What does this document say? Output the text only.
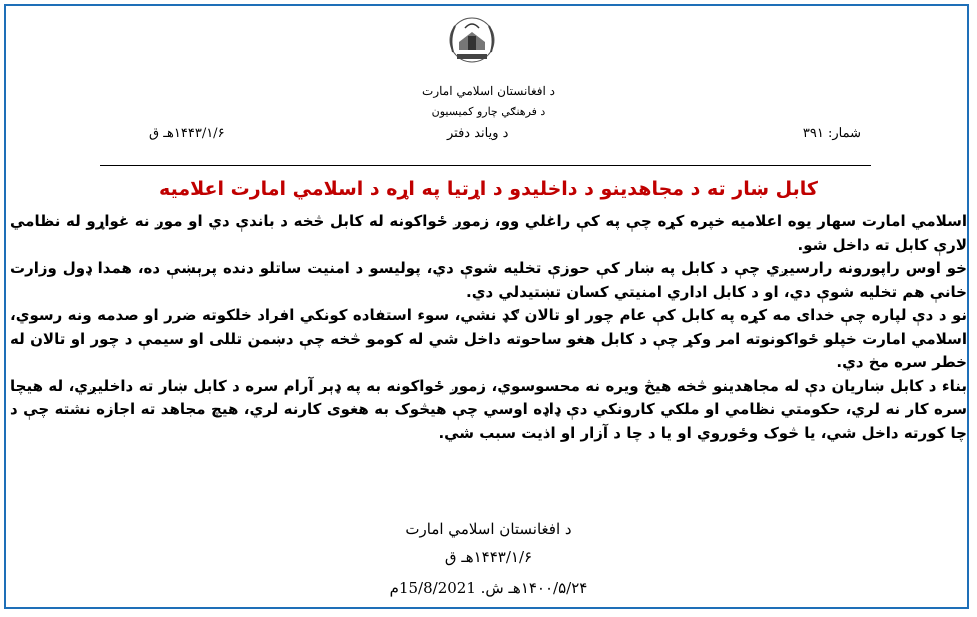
د افغانستان اسلامي امارت
د فرهنګي چارو کمیسیون
شمار: ۳۹۱
د ویاند دفتر
۱۴۴۳/۱/۶هـ ق
کابل ښار ته د مجاهدینو د داخلیدو د اړتیا په اړه د اسلامي امارت اعلامیه

اسلامي امارت سهار یوه اعلامیه خپره کړه چې په کې راغلي وو، زموږ ځواکونه له کابل څخه د باندې دي او موږ نه غواړو له نظامي لارې کابل ته داخل شو.

خو اوس راپورونه رارسیږي چې د کابل په ښار کې حوزې تخلیه شوې دي، پولیسو د امنیت ساتلو دنده پرېښې ده، همدا ډول وزارت خانې هم تخلیه شوې دي، او د کابل اداري امنیتي کسان تښتیدلي دي.

نو د دې لپاره چې خدای مه کړه په کابل کې عام چور او تالان ګډ نشي، سوء استفاده کونکي افراد خلکوته ضرر او صدمه ونه رسوي، اسلامي امارت خپلو ځواکونوته امر وکړ چې د کابل هغو ساحوته داخل شي له کومو څخه چې دښمن تللی او سیمې د چور او تالان له خطر سره مخ دي.

بناء د کابل ښاریان دې له مجاهدینو څخه هیڅ ویره نه محسوسوي، زموږ ځواکونه به په ډېر آرام سره د کابل ښار ته داخلیږي، له هیچا سره کار نه لري، حکومتي نظامي او ملکي کارونکي دې ډاډه اوسي چې هیڅوک به هغوی کارنه لري، هیچ مجاهد ته اجازه نشته چې د چا کورته داخل شي، یا څوک وځوروي او یا د چا د آزار او اذیت سبب شي.

د افغانستان اسلامي امارت
۱۴۴۳/۱/۶هـ ق
۱۴۰۰/۵/۲۴هـ ش. 15/8/2021م
